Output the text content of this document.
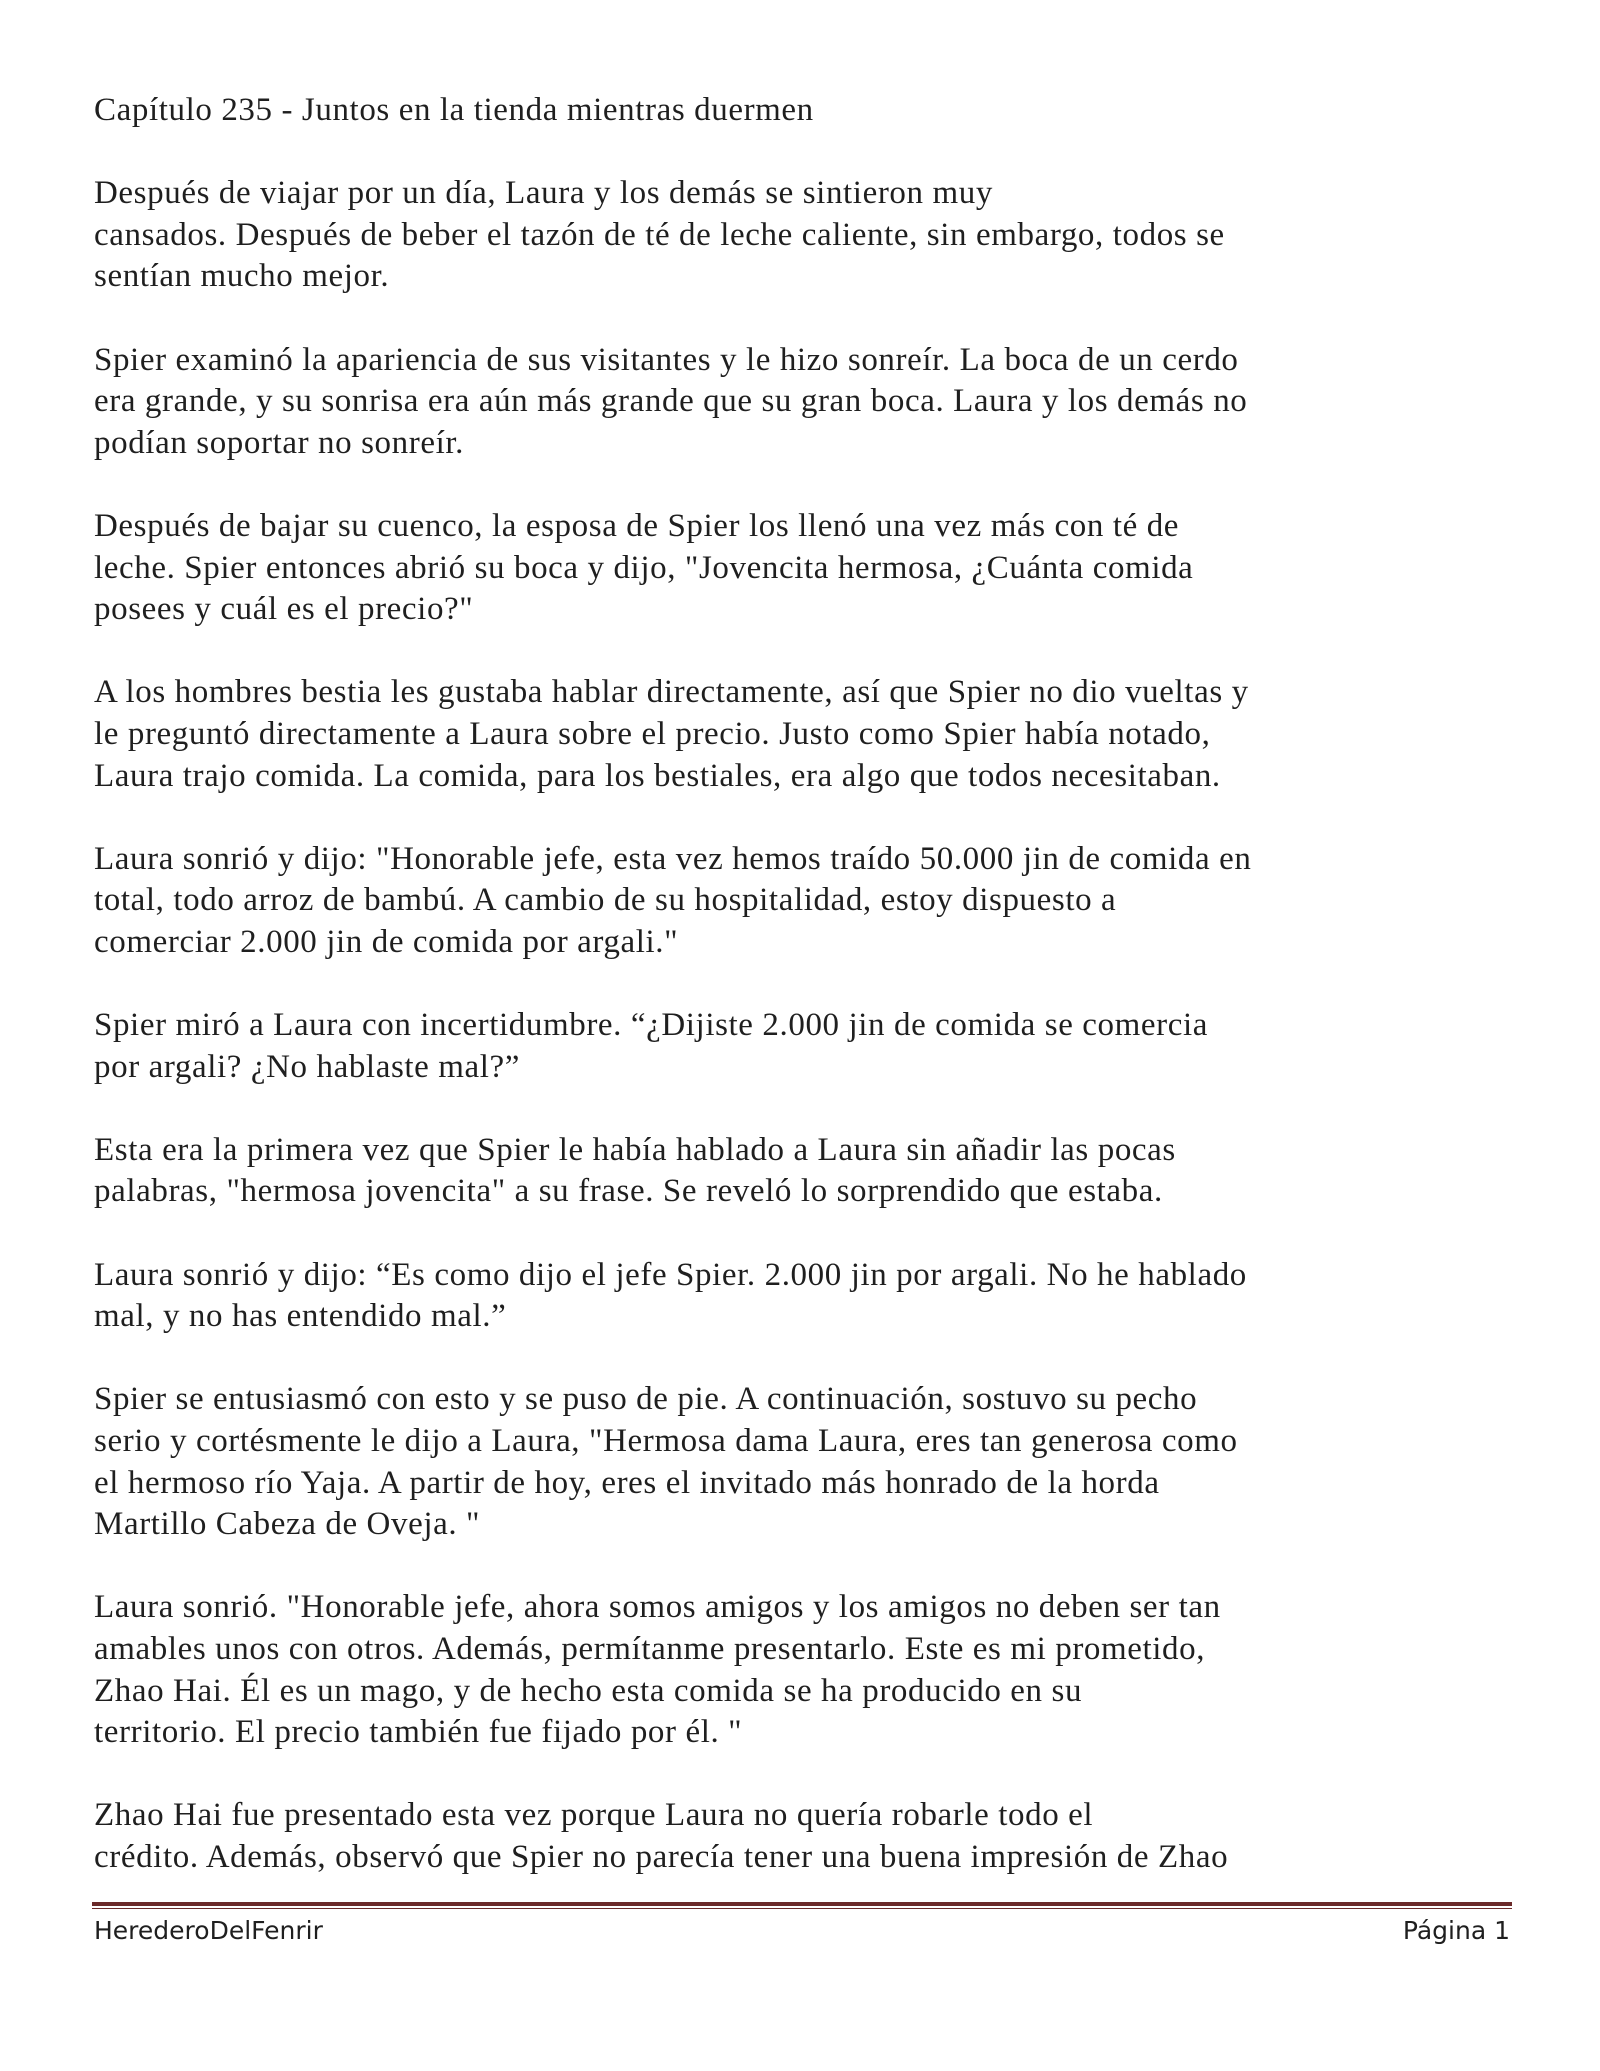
Capítulo 235 - Juntos en la tienda mientras duermen

Después de viajar por un día, Laura y los demás se sintieron muy
cansados. Después de beber el tazón de té de leche caliente, sin embargo, todos se
sentían mucho mejor.

Spier examinó la apariencia de sus visitantes y le hizo sonreír. La boca de un cerdo
era grande, y su sonrisa era aún más grande que su gran boca. Laura y los demás no
podían soportar no sonreír.

Después de bajar su cuenco, la esposa de Spier los llenó una vez más con té de
leche. Spier entonces abrió su boca y dijo, "Jovencita hermosa, ¿Cuánta comida
posees y cuál es el precio?"

A los hombres bestia les gustaba hablar directamente, así que Spier no dio vueltas y
le preguntó directamente a Laura sobre el precio. Justo como Spier había notado,
Laura trajo comida. La comida, para los bestiales, era algo que todos necesitaban.

Laura sonrió y dijo: "Honorable jefe, esta vez hemos traído 50.000 jin de comida en
total, todo arroz de bambú. A cambio de su hospitalidad, estoy dispuesto a
comerciar 2.000 jin de comida por argali."

Spier miró a Laura con incertidumbre. “¿Dijiste 2.000 jin de comida se comercia
por argali? ¿No hablaste mal?”

Esta era la primera vez que Spier le había hablado a Laura sin añadir las pocas
palabras, "hermosa jovencita" a su frase. Se reveló lo sorprendido que estaba.

Laura sonrió y dijo: “Es como dijo el jefe Spier. 2.000 jin por argali. No he hablado
mal, y no has entendido mal.”

Spier se entusiasmó con esto y se puso de pie. A continuación, sostuvo su pecho
serio y cortésmente le dijo a Laura, "Hermosa dama Laura, eres tan generosa como
el hermoso río Yaja. A partir de hoy, eres el invitado más honrado de la horda
Martillo Cabeza de Oveja. "

Laura sonrió. "Honorable jefe, ahora somos amigos y los amigos no deben ser tan
amables unos con otros. Además, permítanme presentarlo. Este es mi prometido,
Zhao Hai. Él es un mago, y de hecho esta comida se ha producido en su
territorio. El precio también fue fijado por él. "

Zhao Hai fue presentado esta vez porque Laura no quería robarle todo el
crédito. Además, observó que Spier no parecía tener una buena impresión de Zhao

HerederoDelFenrir	Página 1
